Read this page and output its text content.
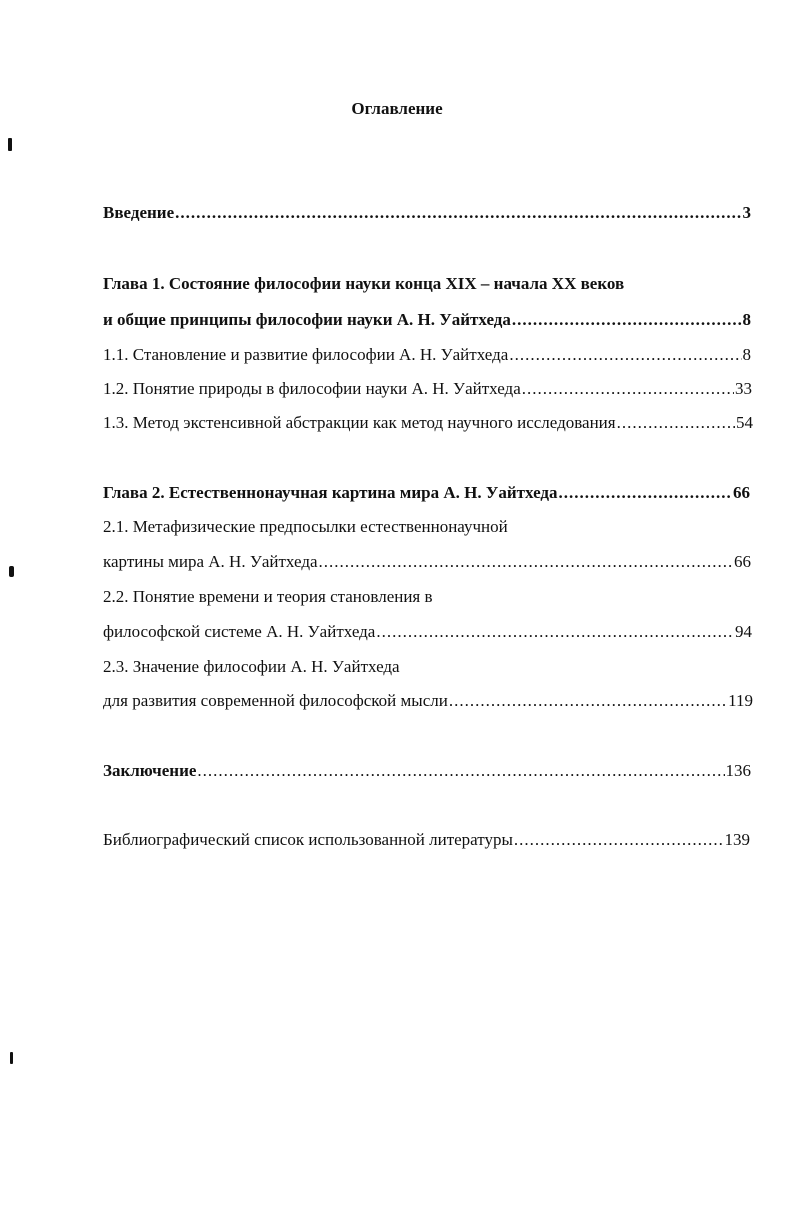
Оглавление
Введение .....	3
Глава 1. Состояние философии науки конца XIX – начала XX веков
и общие принципы философии науки А. Н. Уайтхеда .....	8
1.1. Становление и развитие философии А. Н. Уайтхеда .....	8
1.2. Понятие природы в философии науки А. Н. Уайтхеда .....	33
1.3. Метод экстенсивной абстракции как метод научного исследования .....	54
Глава 2. Естественнонаучная картина мира А. Н. Уайтхеда .....	66
2.1. Метафизические предпосылки естественнонаучной
картины мира А. Н. Уайтхеда .....	66
2.2. Понятие времени и теория становления в
философской системе А. Н. Уайтхеда .....	94
2.3. Значение философии А. Н. Уайтхеда
для развития современной философской мысли .....	119
Заключение .....	136
Библиографический список использованной литературы .....	139
